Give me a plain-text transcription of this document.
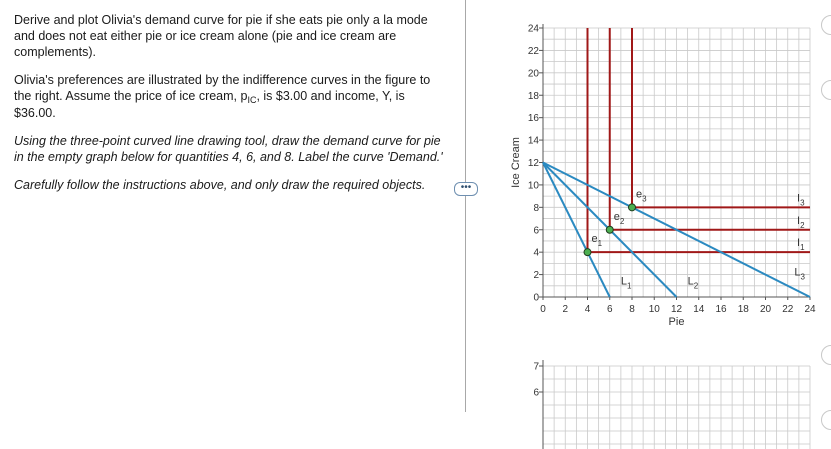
Derive and plot Olivia's demand curve for pie if she eats pie only a la mode and does not eat either pie or ice cream alone (pie and ice cream are complements).

Olivia's preferences are illustrated by the indifference curves in the figure to the right. Assume the price of ice cream, $p_{IC}$, is $3.00 and income, Y, is $36.00.

Using the three-point curved line drawing tool, draw the demand curve for pie in the empty graph below for quantities 4, 6, and 8. Label the curve 'Demand.'

Carefully follow the instructions above, and only draw the required objects.	•••
0 2 4 6 8 10 12 14 16 18 20 22 24
0
2
4
6
8
10
12
14
16
18
20
22
24
$I_1$
$I_2$
$I_3$
$L_1$	$L_2$
$L_3$
$e_1$
$e_2$
$e_3$
Pie
Ice Cream
7
6
